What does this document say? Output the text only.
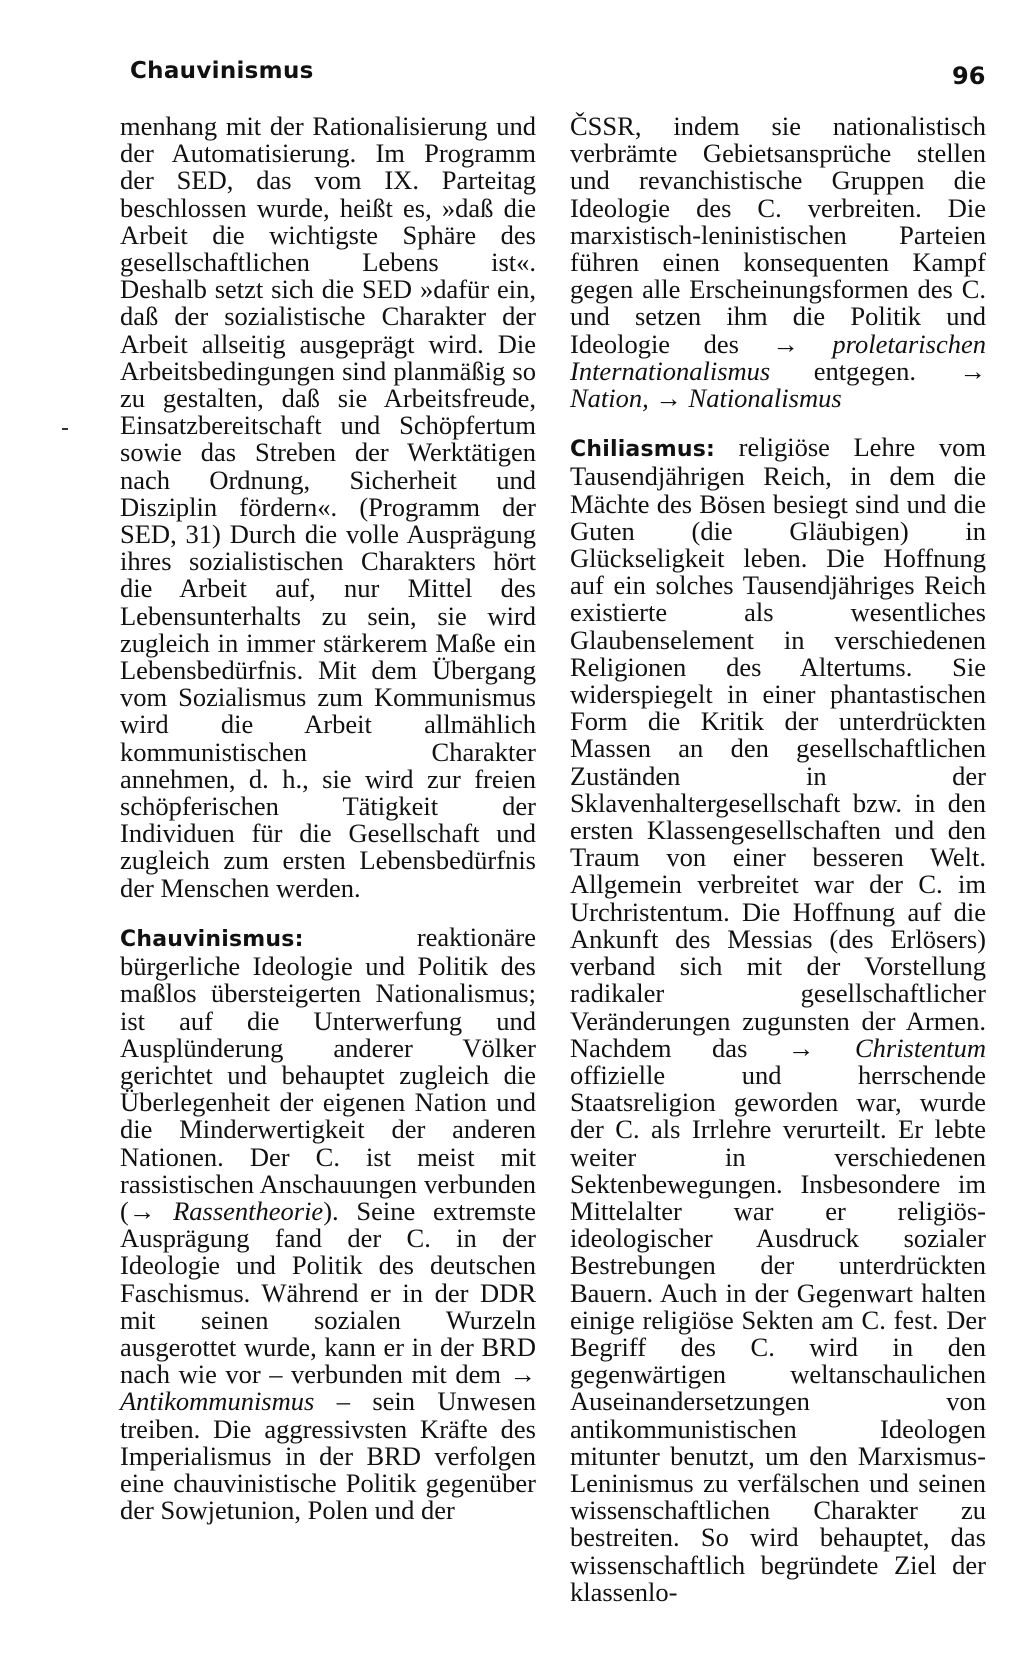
Chauvinismus	96

menhang mit der Rationalisierung und der Automatisierung. Im Programm der SED, das vom IX. Parteitag beschlossen wurde, heißt es, »daß die Arbeit die wichtigste Sphäre des gesellschaftlichen Lebens ist«. Deshalb setzt sich die SED »dafür ein, daß der sozialistische Charakter der Arbeit allseitig ausgeprägt wird. Die Arbeitsbedingungen sind planmäßig so zu gestalten, daß sie Arbeitsfreude, Einsatzbereitschaft und Schöpfertum sowie das Streben der Werktätigen nach Ordnung, Sicherheit und Disziplin fördern«. (Programm der SED, 31) Durch die volle Ausprägung ihres sozialistischen Charakters hört die Arbeit auf, nur Mittel des Lebensunterhalts zu sein, sie wird zugleich in immer stärkerem Maße ein Lebensbedürfnis. Mit dem Übergang vom Sozialismus zum Kommunismus wird die Arbeit allmählich kommunistischen Charakter annehmen, d. h., sie wird zur freien schöpferischen Tätigkeit der Individuen für die Gesellschaft und zugleich zum ersten Lebensbedürfnis der Menschen werden.

Chauvinismus: reaktionäre bürgerliche Ideologie und Politik des maßlos übersteigerten Nationalismus; ist auf die Unterwerfung und Ausplünderung anderer Völker gerichtet und behauptet zugleich die Überlegenheit der eigenen Nation und die Minderwertigkeit der anderen Nationen. Der C. ist meist mit rassistischen Anschauungen verbunden (→ Rassentheorie). Seine extremste Ausprägung fand der C. in der Ideologie und Politik des deutschen Faschismus. Während er in der DDR mit seinen sozialen Wurzeln ausgerottet wurde, kann er in der BRD nach wie vor – verbunden mit dem → Antikommunismus – sein Unwesen treiben. Die aggressivsten Kräfte des Imperialismus in der BRD verfolgen eine chauvinistische Politik gegenüber der Sowjetunion, Polen und der

ČSSR, indem sie nationalistisch verbrämte Gebietsansprüche stellen und revanchistische Gruppen die Ideologie des C. verbreiten. Die marxistisch-leninistischen Parteien führen einen konsequenten Kampf gegen alle Erscheinungsformen des C. und setzen ihm die Politik und Ideologie des → proletarischen Internationalismus entgegen. → Nation, → Nationalismus

Chiliasmus: religiöse Lehre vom Tausendjährigen Reich, in dem die Mächte des Bösen besiegt sind und die Guten (die Gläubigen) in Glückseligkeit leben. Die Hoffnung auf ein solches Tausendjähriges Reich existierte als wesentliches Glaubenselement in verschiedenen Religionen des Altertums. Sie widerspiegelt in einer phantastischen Form die Kritik der unterdrückten Massen an den gesellschaftlichen Zuständen in der Sklavenhaltergesellschaft bzw. in den ersten Klassengesellschaften und den Traum von einer besseren Welt. Allgemein verbreitet war der C. im Urchristentum. Die Hoffnung auf die Ankunft des Messias (des Erlösers) verband sich mit der Vorstellung radikaler gesellschaftlicher Veränderungen zugunsten der Armen. Nachdem das → Christentum offizielle und herrschende Staatsreligion geworden war, wurde der C. als Irrlehre verurteilt. Er lebte weiter in verschiedenen Sektenbewegungen. Insbesondere im Mittelalter war er religiös-ideologischer Ausdruck sozialer Bestrebungen der unterdrückten Bauern. Auch in der Gegenwart halten einige religiöse Sekten am C. fest. Der Begriff des C. wird in den gegenwärtigen weltanschaulichen Auseinandersetzungen von antikommunistischen Ideologen mitunter benutzt, um den Marxismus-Leninismus zu verfälschen und seinen wissenschaftlichen Charakter zu bestreiten. So wird behauptet, das wissenschaftlich begründete Ziel der klassenlo-
